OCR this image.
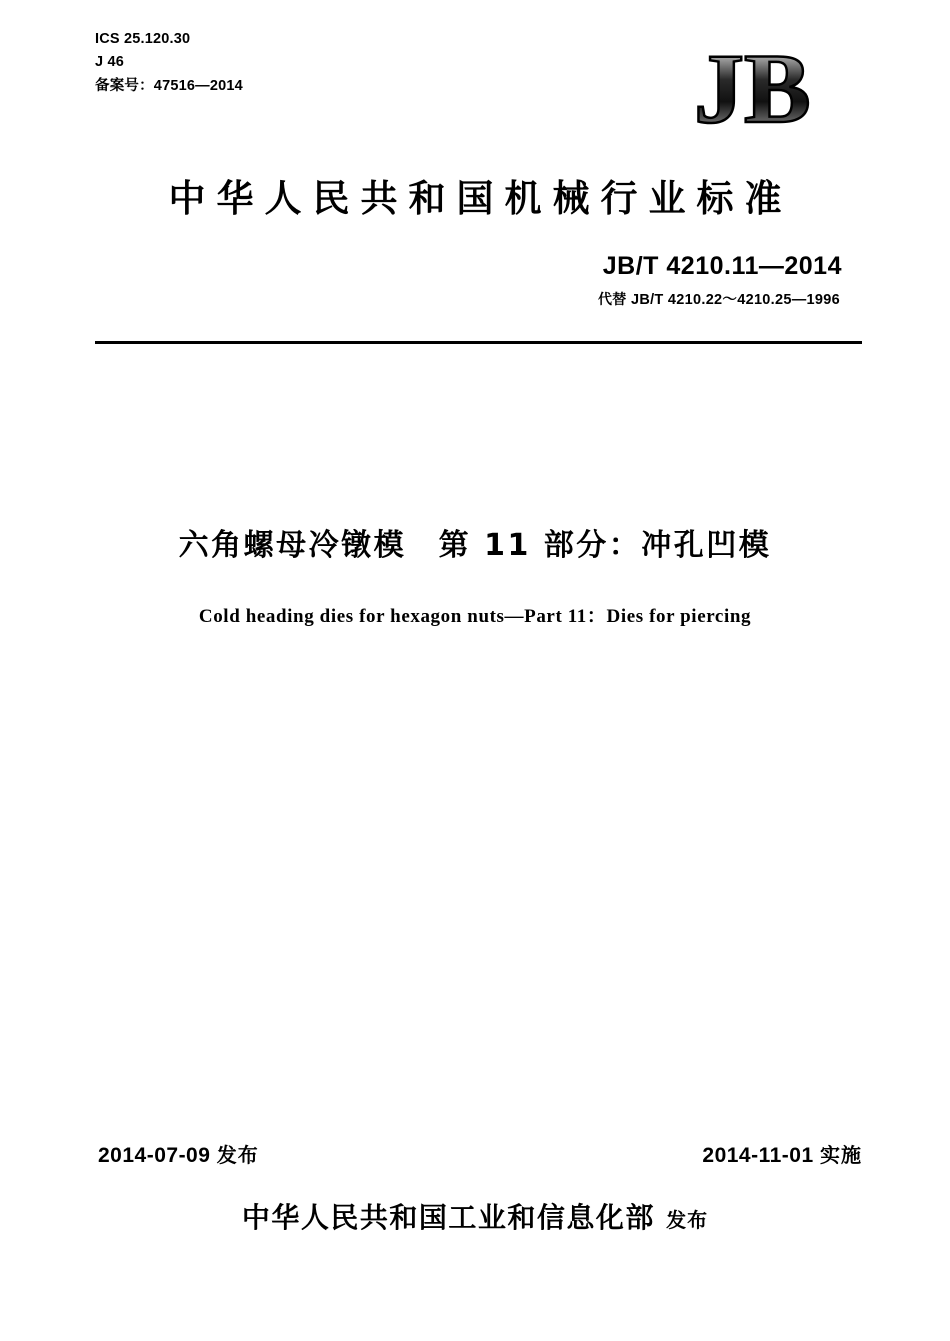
ICS 25.120.30
J 46
备案号：47516—2014	JB
中华人民共和国机械行业标准
JB/T 4210.11—2014
代替 JB/T 4210.22～4210.25—1996
六角螺母冷镦模　第 11 部分：冲孔凹模
Cold heading dies for hexagon nuts—Part 11：Dies for piercing
2014-07-09 发布	2014-11-01 实施
中华人民共和国工业和信息化部 发布
